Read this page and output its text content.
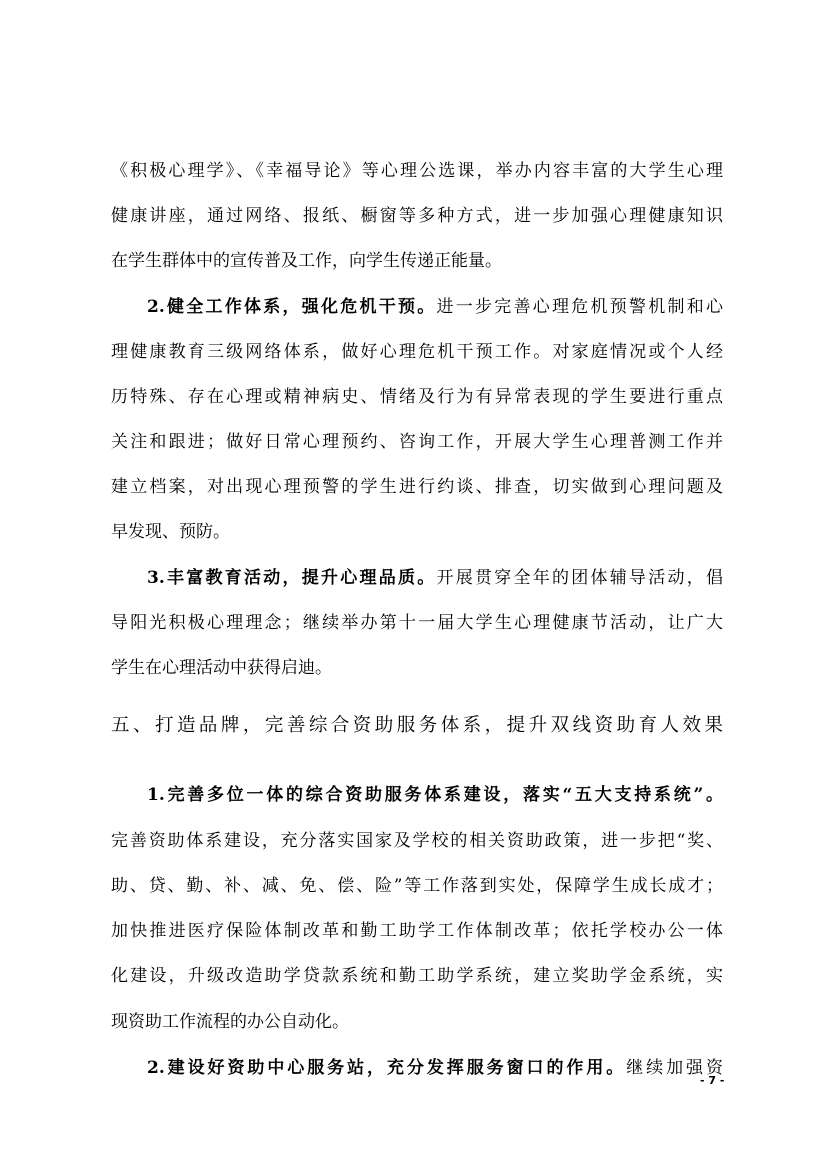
《积极心理学》、《幸福导论》等心理公选课，举办内容丰富的大学生心理
健康讲座，通过网络、报纸、橱窗等多种方式，进一步加强心理健康知识
在学生群体中的宣传普及工作，向学生传递正能量。
2.健全工作体系，强化危机干预。进一步完善心理危机预警机制和心
理健康教育三级网络体系，做好心理危机干预工作。对家庭情况或个人经
历特殊、存在心理或精神病史、情绪及行为有异常表现的学生要进行重点
关注和跟进；做好日常心理预约、咨询工作，开展大学生心理普测工作并
建立档案，对出现心理预警的学生进行约谈、排查，切实做到心理问题及
早发现、预防。
3.丰富教育活动，提升心理品质。开展贯穿全年的团体辅导活动，倡
导阳光积极心理理念；继续举办第十一届大学生心理健康节活动，让广大
学生在心理活动中获得启迪。
五、打造品牌，完善综合资助服务体系，提升双线资助育人效果
1.完善多位一体的综合资助服务体系建设，落实“五大支持系统”。
完善资助体系建设，充分落实国家及学校的相关资助政策，进一步把“奖、
助、贷、勤、补、减、免、偿、险”等工作落到实处，保障学生成长成才；
加快推进医疗保险体制改革和勤工助学工作体制改革；依托学校办公一体
化建设，升级改造助学贷款系统和勤工助学系统，建立奖助学金系统，实
现资助工作流程的办公自动化。
2.建设好资助中心服务站，充分发挥服务窗口的作用。继续加强资
- 7 -
